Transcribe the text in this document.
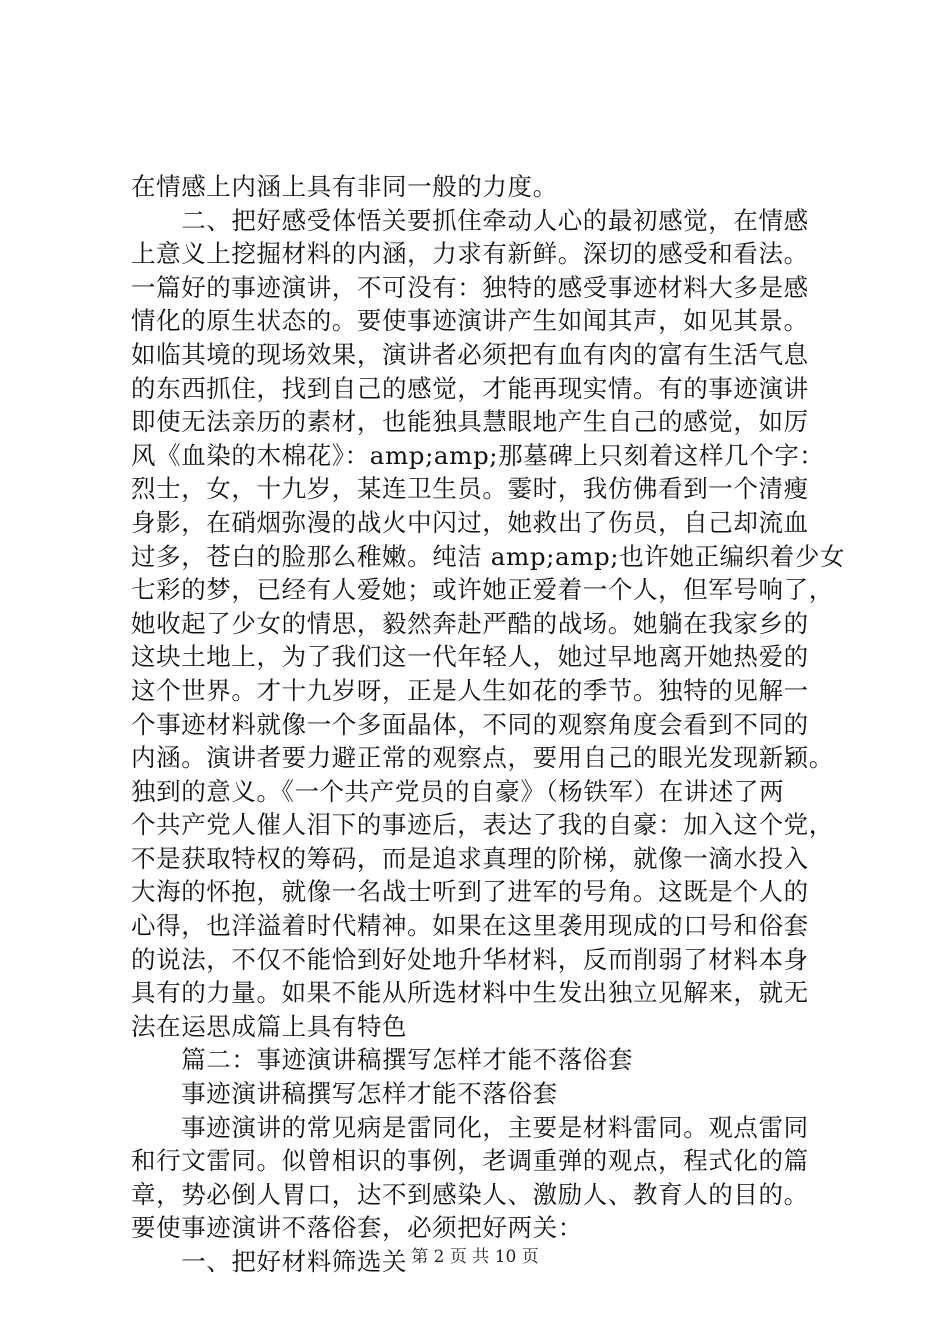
在情感上内涵上具有非同一般的力度。
　　二、把好感受体悟关要抓住牵动人心的最初感觉，在情感
上意义上挖掘材料的内涵，力求有新鲜。深切的感受和看法。
一篇好的事迹演讲，不可没有：独特的感受事迹材料大多是感
情化的原生状态的。要使事迹演讲产生如闻其声，如见其景。
如临其境的现场效果，演讲者必须把有血有肉的富有生活气息
的东西抓住，找到自己的感觉，才能再现实情。有的事迹演讲
即使无法亲历的素材，也能独具慧眼地产生自己的感觉，如厉
风《血染的木棉花》：amp;amp;那墓碑上只刻着这样几个字：
烈士，女，十九岁，某连卫生员。霎时，我仿佛看到一个清瘦
身影，在硝烟弥漫的战火中闪过，她救出了伤员，自己却流血
过多，苍白的脸那么稚嫩。纯洁 amp;amp;也许她正编织着少女
七彩的梦，已经有人爱她；或许她正爱着一个人，但军号响了，
她收起了少女的情思，毅然奔赴严酷的战场。她躺在我家乡的
这块土地上，为了我们这一代年轻人，她过早地离开她热爱的
这个世界。才十九岁呀，正是人生如花的季节。独特的见解一
个事迹材料就像一个多面晶体，不同的观察角度会看到不同的
内涵。演讲者要力避正常的观察点，要用自己的眼光发现新颖。
独到的意义。《一个共产党员的自豪》（杨铁军）在讲述了两
个共产党人催人泪下的事迹后，表达了我的自豪：加入这个党，
不是获取特权的筹码，而是追求真理的阶梯，就像一滴水投入
大海的怀抱，就像一名战士听到了进军的号角。这既是个人的
心得，也洋溢着时代精神。如果在这里袭用现成的口号和俗套
的说法，不仅不能恰到好处地升华材料，反而削弱了材料本身
具有的力量。如果不能从所选材料中生发出独立见解来，就无
法在运思成篇上具有特色
　　篇二：事迹演讲稿撰写怎样才能不落俗套
　　事迹演讲稿撰写怎样才能不落俗套
　　事迹演讲的常见病是雷同化，主要是材料雷同。观点雷同
和行文雷同。似曾相识的事例，老调重弹的观点，程式化的篇
章，势必倒人胃口，达不到感染人、激励人、教育人的目的。
要使事迹演讲不落俗套，必须把好两关：
　　一、把好材料筛选关 第 2 页 共 10 页
